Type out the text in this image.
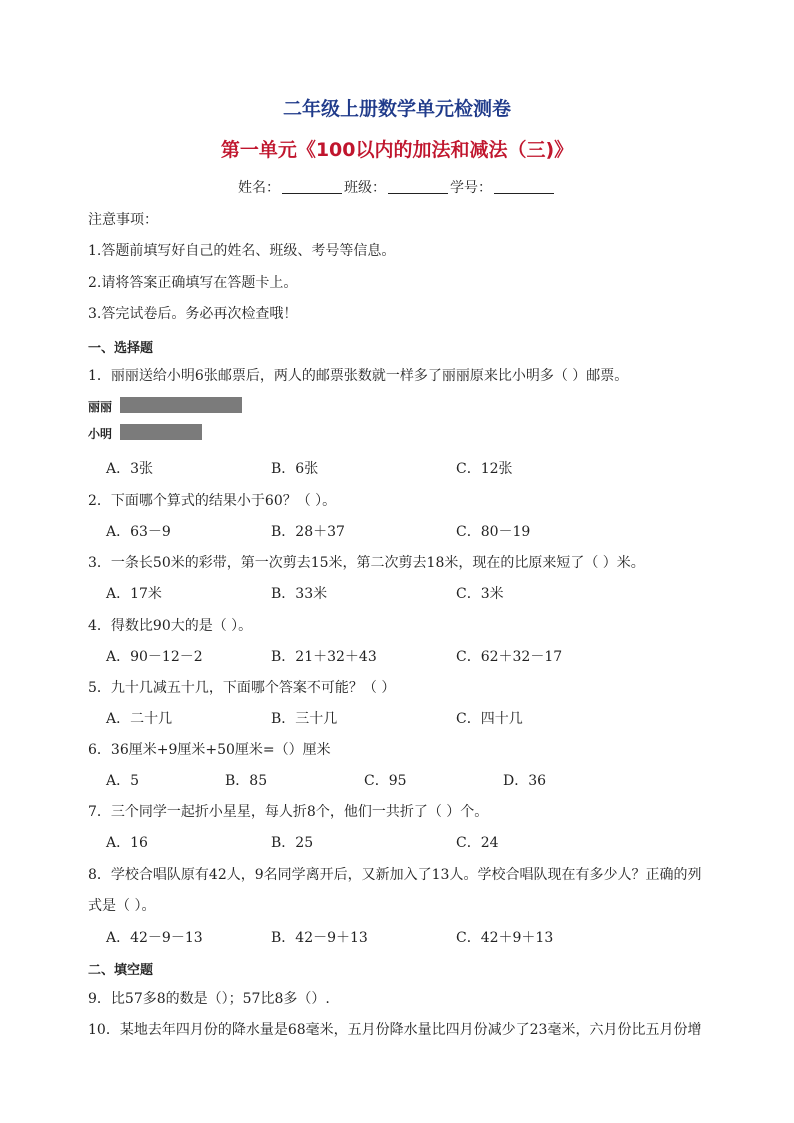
二年级上册数学单元检测卷
第一单元《100以内的加法和减法（三)》
姓名：	班级：	学号：
注意事项：
1.答题前填写好自己的姓名、班级、考号等信息。
2.请将答案正确填写在答题卡上。
3.答完试卷后。务必再次检查哦！
一、选择题
1．丽丽送给小明6张邮票后，两人的邮票张数就一样多了丽丽原来比小明多（ ）邮票。
丽丽
小明
A．3张	B．6张	C．12张
2．下面哪个算式的结果小于60？（ ）。
A．63－9	B．28＋37	C．80－19
3．一条长50米的彩带，第一次剪去15米，第二次剪去18米，现在的比原来短了（ ）米。
A．17米	B．33米	C．3米
4．得数比90大的是（ ）。
A．90－12－2	B．21＋32＋43	C．62＋32－17
5．九十几减五十几，下面哪个答案不可能？（ ）
A．二十几	B．三十几	C．四十几
6．36厘米+9厘米+50厘米=（）厘米
A．5	B．85	C．95	D．36
7．三个同学一起折小星星，每人折8个，他们一共折了（ ）个。
A．16	B．25	C．24
8．学校合唱队原有42人，9名同学离开后，又新加入了13人。学校合唱队现在有多少人？正确的列
式是（ ）。
A．42－9－13	B．42－9＋13	C．42＋9＋13
二、填空题
9．比57多8的数是（）；57比8多（）.
10．某地去年四月份的降水量是68毫米，五月份降水量比四月份减少了23毫米，六月份比五月份增
